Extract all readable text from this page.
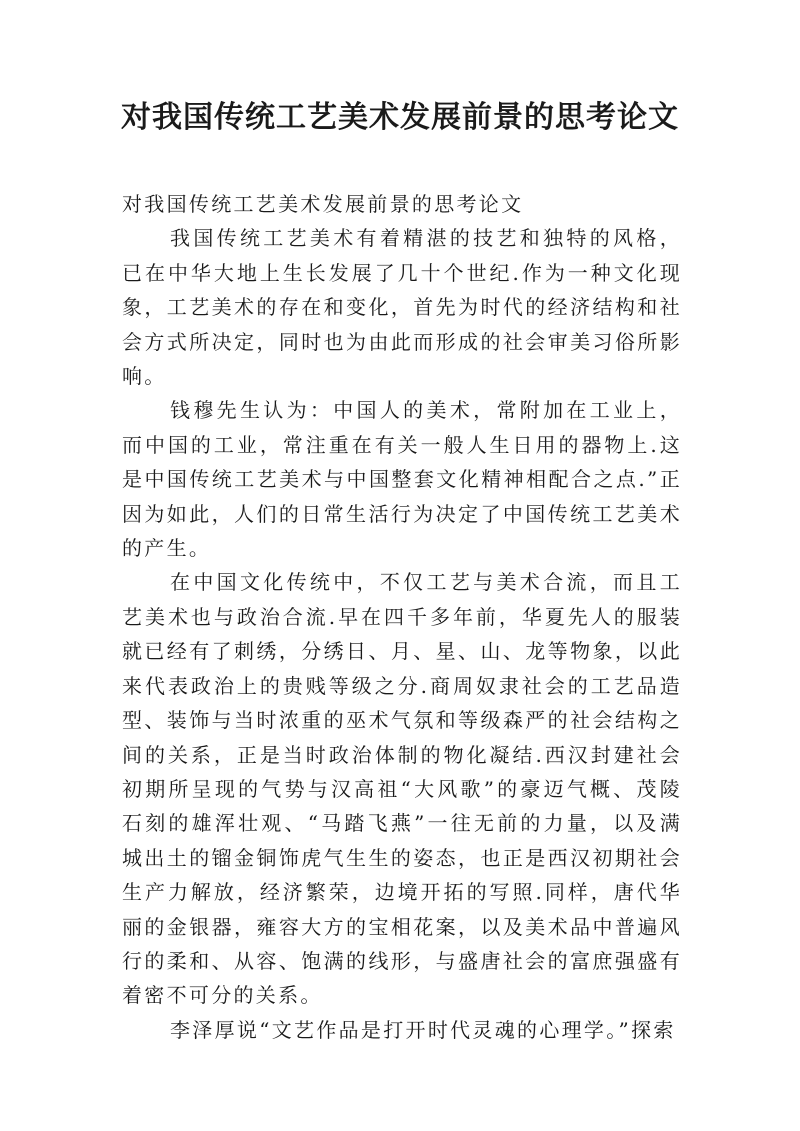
对我国传统工艺美术发展前景的思考论文

对我国传统工艺美术发展前景的思考论文

我国传统工艺美术有着精湛的技艺和独特的风格，已在中华大地上生长发展了几十个世纪.作为一种文化现象，工艺美术的存在和变化，首先为时代的经济结构和社会方式所决定，同时也为由此而形成的社会审美习俗所影响。

钱穆先生认为：中国人的美术，常附加在工业上，而中国的工业，常注重在有关一般人生日用的器物上.这是中国传统工艺美术与中国整套文化精神相配合之点.”正因为如此，人们的日常生活行为决定了中国传统工艺美术的产生。

在中国文化传统中，不仅工艺与美术合流，而且工艺美术也与政治合流.早在四千多年前，华夏先人的服装就已经有了刺绣，分绣日、月、星、山、龙等物象，以此来代表政治上的贵贱等级之分.商周奴隶社会的工艺品造型、装饰与当时浓重的巫术气氛和等级森严的社会结构之间的关系，正是当时政治体制的物化凝结.西汉封建社会初期所呈现的气势与汉高祖“大风歌”的豪迈气概、茂陵石刻的雄浑壮观、“马踏飞燕”一往无前的力量，以及满城出土的镏金铜饰虎气生生的姿态，也正是西汉初期社会生产力解放，经济繁荣，边境开拓的写照.同样，唐代华丽的金银器，雍容大方的宝相花案，以及美术品中普遍风行的柔和、从容、饱满的线形，与盛唐社会的富庶强盛有着密不可分的关系。

李泽厚说“文艺作品是打开时代灵魂的心理学。”探索
